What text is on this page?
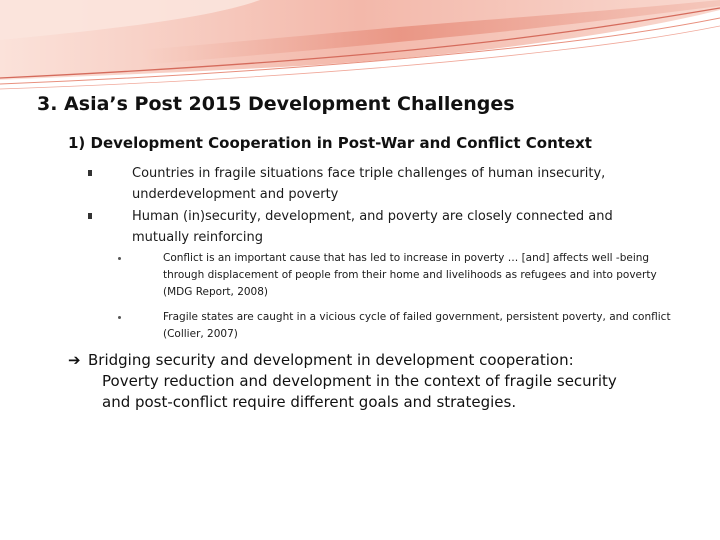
3. Asia’s Post 2015 Development Challenges
1) Development Cooperation in Post-War and Conflict Context
Countries in fragile situations face triple challenges of human insecurity, underdevelopment and poverty
Human (in)security, development, and poverty are closely connected and mutually reinforcing
Conflict is an important cause that has led to increase in poverty … [and] affects well -being through displacement of people from their home and livelihoods as refugees and into poverty (MDG Report, 2008)
Fragile states are caught in a vicious cycle of failed government, persistent poverty, and conflict (Collier, 2007)
➔ Bridging security and development in development cooperation:
Poverty reduction and development in the context of fragile security
and post-conflict require different goals and strategies.
